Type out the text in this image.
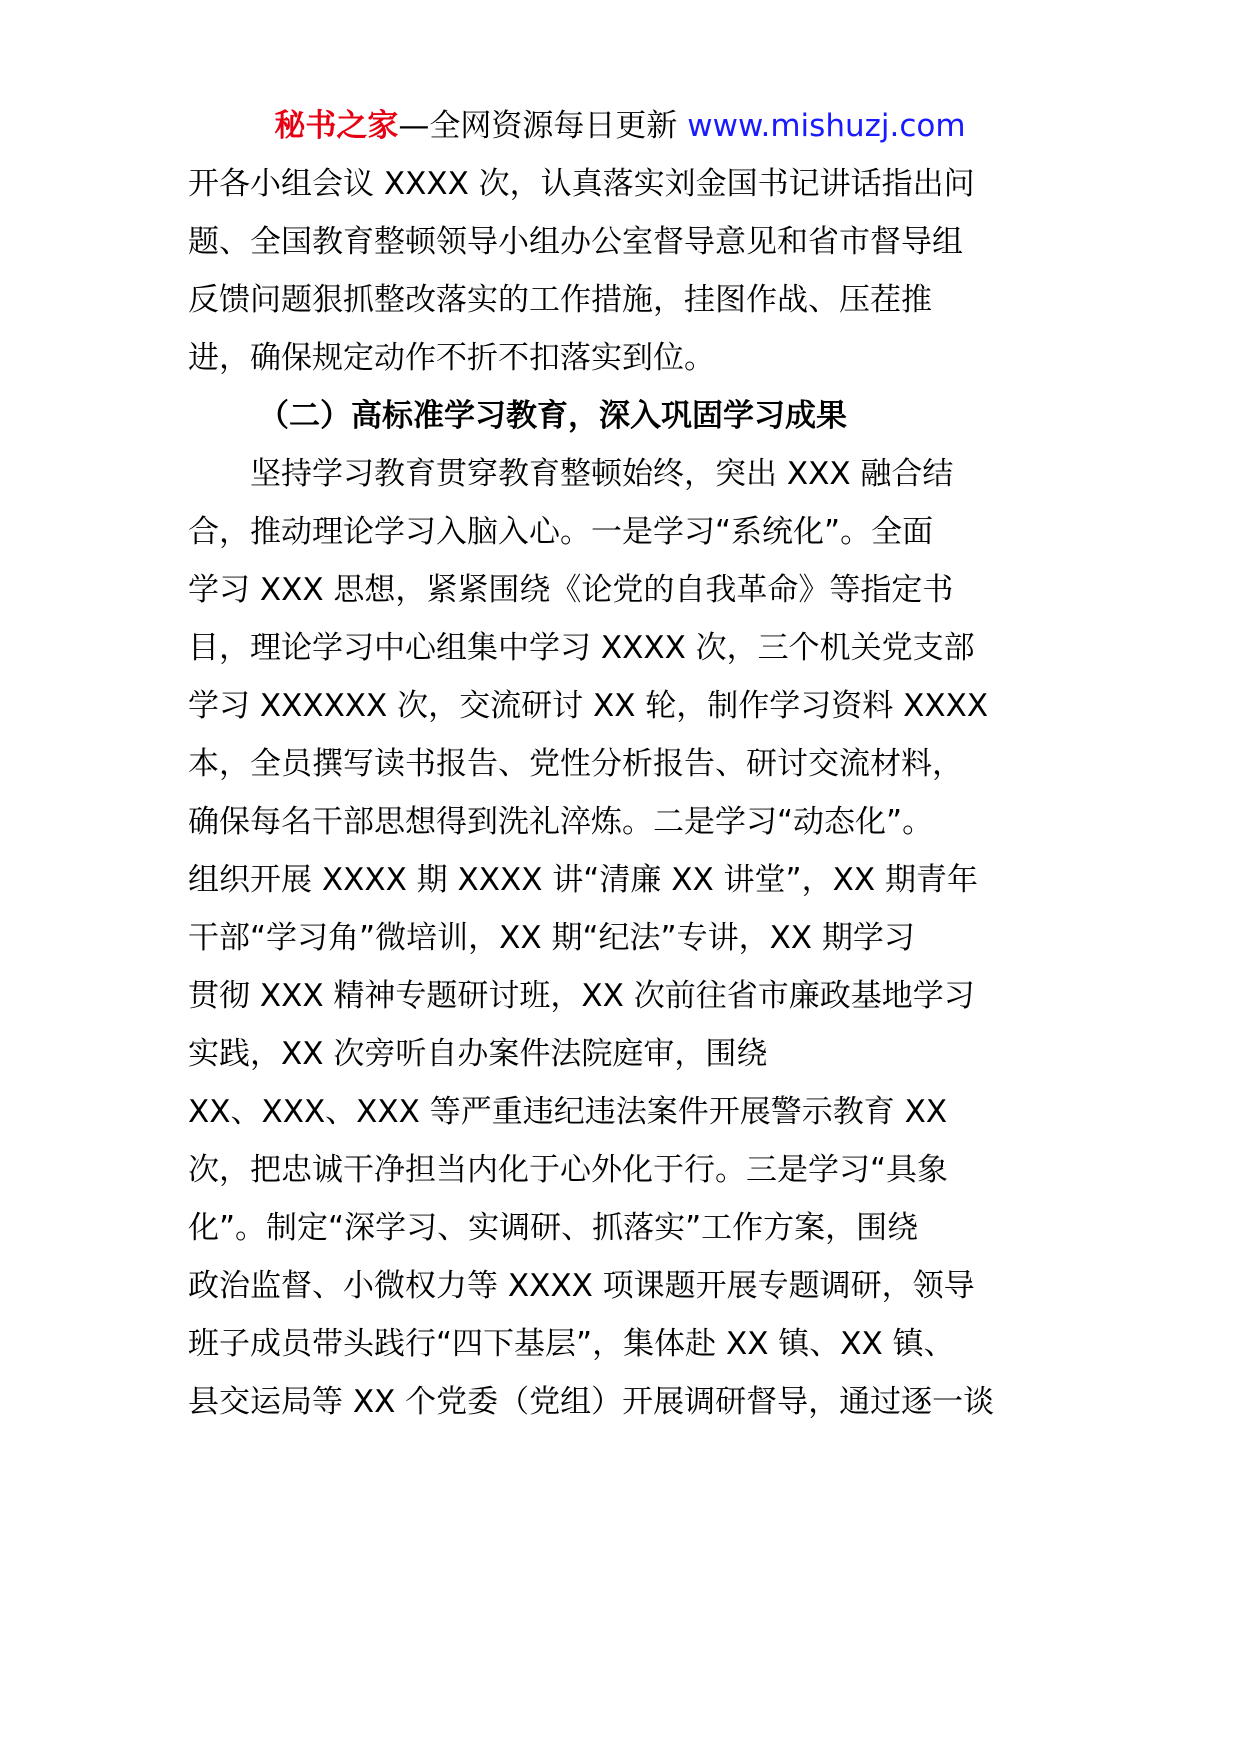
秘书之家—全网资源每日更新 www.mishuzj.com
开各小组会议 XXXX 次，认真落实刘金国书记讲话指出问
题、全国教育整顿领导小组办公室督导意见和省市督导组
反馈问题狠抓整改落实的工作措施，挂图作战、压茬推
进，确保规定动作不折不扣落实到位。
（二）高标准学习教育，深入巩固学习成果
坚持学习教育贯穿教育整顿始终，突出 XXX 融合结
合，推动理论学习入脑入心。一是学习“系统化”。全面
学习 XXX 思想，紧紧围绕《论党的自我革命》等指定书
目，理论学习中心组集中学习 XXXX 次，三个机关党支部
学习 XXXXXX 次，交流研讨 XX 轮，制作学习资料 XXXX
本，全员撰写读书报告、党性分析报告、研讨交流材料，
确保每名干部思想得到洗礼淬炼。二是学习“动态化”。
组织开展 XXXX 期 XXXX 讲“清廉 XX 讲堂”，XX 期青年
干部“学习角”微培训，XX 期“纪法”专讲，XX 期学习
贯彻 XXX 精神专题研讨班，XX 次前往省市廉政基地学习
实践，XX 次旁听自办案件法院庭审，围绕
XX、XXX、XXX 等严重违纪违法案件开展警示教育 XX
次，把忠诚干净担当内化于心外化于行。三是学习“具象
化”。制定“深学习、实调研、抓落实”工作方案，围绕
政治监督、小微权力等 XXXX 项课题开展专题调研，领导
班子成员带头践行“四下基层”，集体赴 XX 镇、XX 镇、
县交运局等 XX 个党委（党组）开展调研督导，通过逐一谈
